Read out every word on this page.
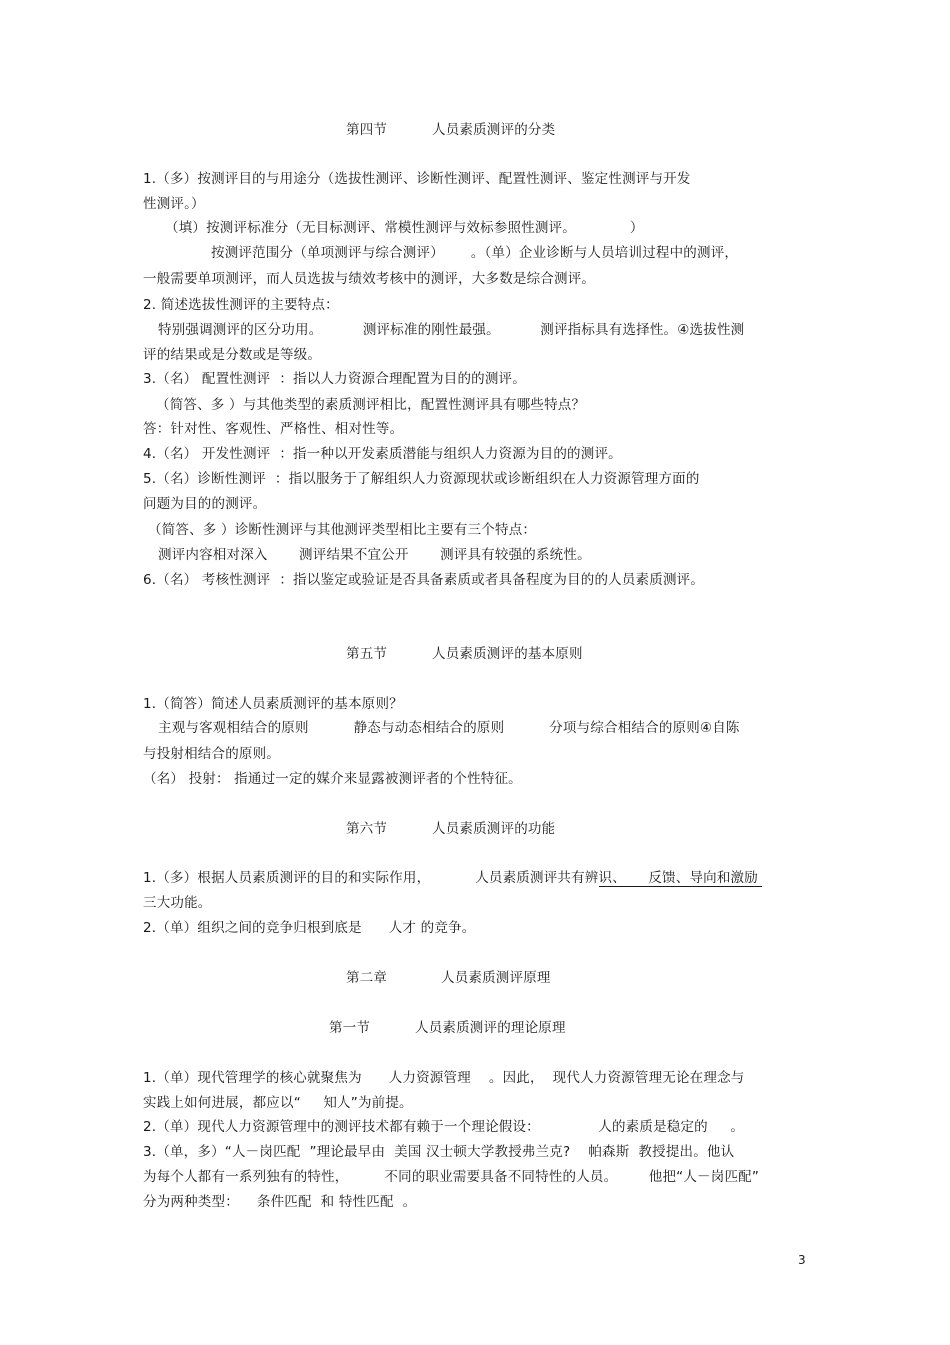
第四节          人员素质测评的分类
1.（多）按测评目的与用途分（选拔性测评、诊断性测评、配置性测评、鉴定性测评与开发
性测评。）
（填）按测评标准分（无目标测评、常模性测评与效标参照性测评。            ）
按测评范围分（单项测评与综合测评）      。（单）企业诊断与人员培训过程中的测评，
一般需要单项测评，而人员选拔与绩效考核中的测评，大多数是综合测评。
2. 简述选拔性测评的主要特点：
特别强调测评的区分功用。         测评标准的刚性最强。         测评指标具有选择性。④选拔性测
评的结果或是分数或是等级。
3.（名） 配置性测评  ：指以人力资源合理配置为目的的测评。
（简答、多 ）与其他类型的素质测评相比，配置性测评具有哪些特点？
答：针对性、客观性、严格性、相对性等。
4.（名） 开发性测评  ：指一种以开发素质潜能与组织人力资源为目的的测评。
5.（名）诊断性测评  ：指以服务于了解组织人力资源现状或诊断组织在人力资源管理方面的
问题为目的的测评。
（简答、多 ）诊断性测评与其他测评类型相比主要有三个特点：
测评内容相对深入       测评结果不宜公开       测评具有较强的系统性。
6.（名） 考核性测评  ：指以鉴定或验证是否具备素质或者具备程度为目的的人员素质测评。
第五节          人员素质测评的基本原则
1.（简答）简述人员素质测评的基本原则？
主观与客观相结合的原则          静态与动态相结合的原则          分项与综合相结合的原则④自陈
与投射相结合的原则。
（名） 投射： 指通过一定的媒介来显露被测评者的个性特征。
第六节          人员素质测评的功能
1.（多）根据人员素质测评的目的和实际作用，          人员素质测评共有辨识、     反馈、导向和激励
三大功能。
2.（单）组织之间的竞争归根到底是      人才 的竞争。
第二章            人员素质测评原理
第一节          人员素质测评的理论原理
1.（单）现代管理学的核心就聚焦为      人力资源管理    。因此，  现代人力资源管理无论在理念与
实践上如何进展，都应以“     知人”为前提。
2.（单）现代人力资源管理中的测评技术都有赖于一个理论假设：             人的素质是稳定的     。
3.（单，多）“人－岗匹配  ”理论最早由  美国 汉士顿大学教授弗兰克?    帕森斯  教授提出。他认
为每个人都有一系列独有的特性，        不同的职业需要具备不同特性的人员。       他把“人－岗匹配”
分为两种类型：    条件匹配  和 特性匹配  。
3
